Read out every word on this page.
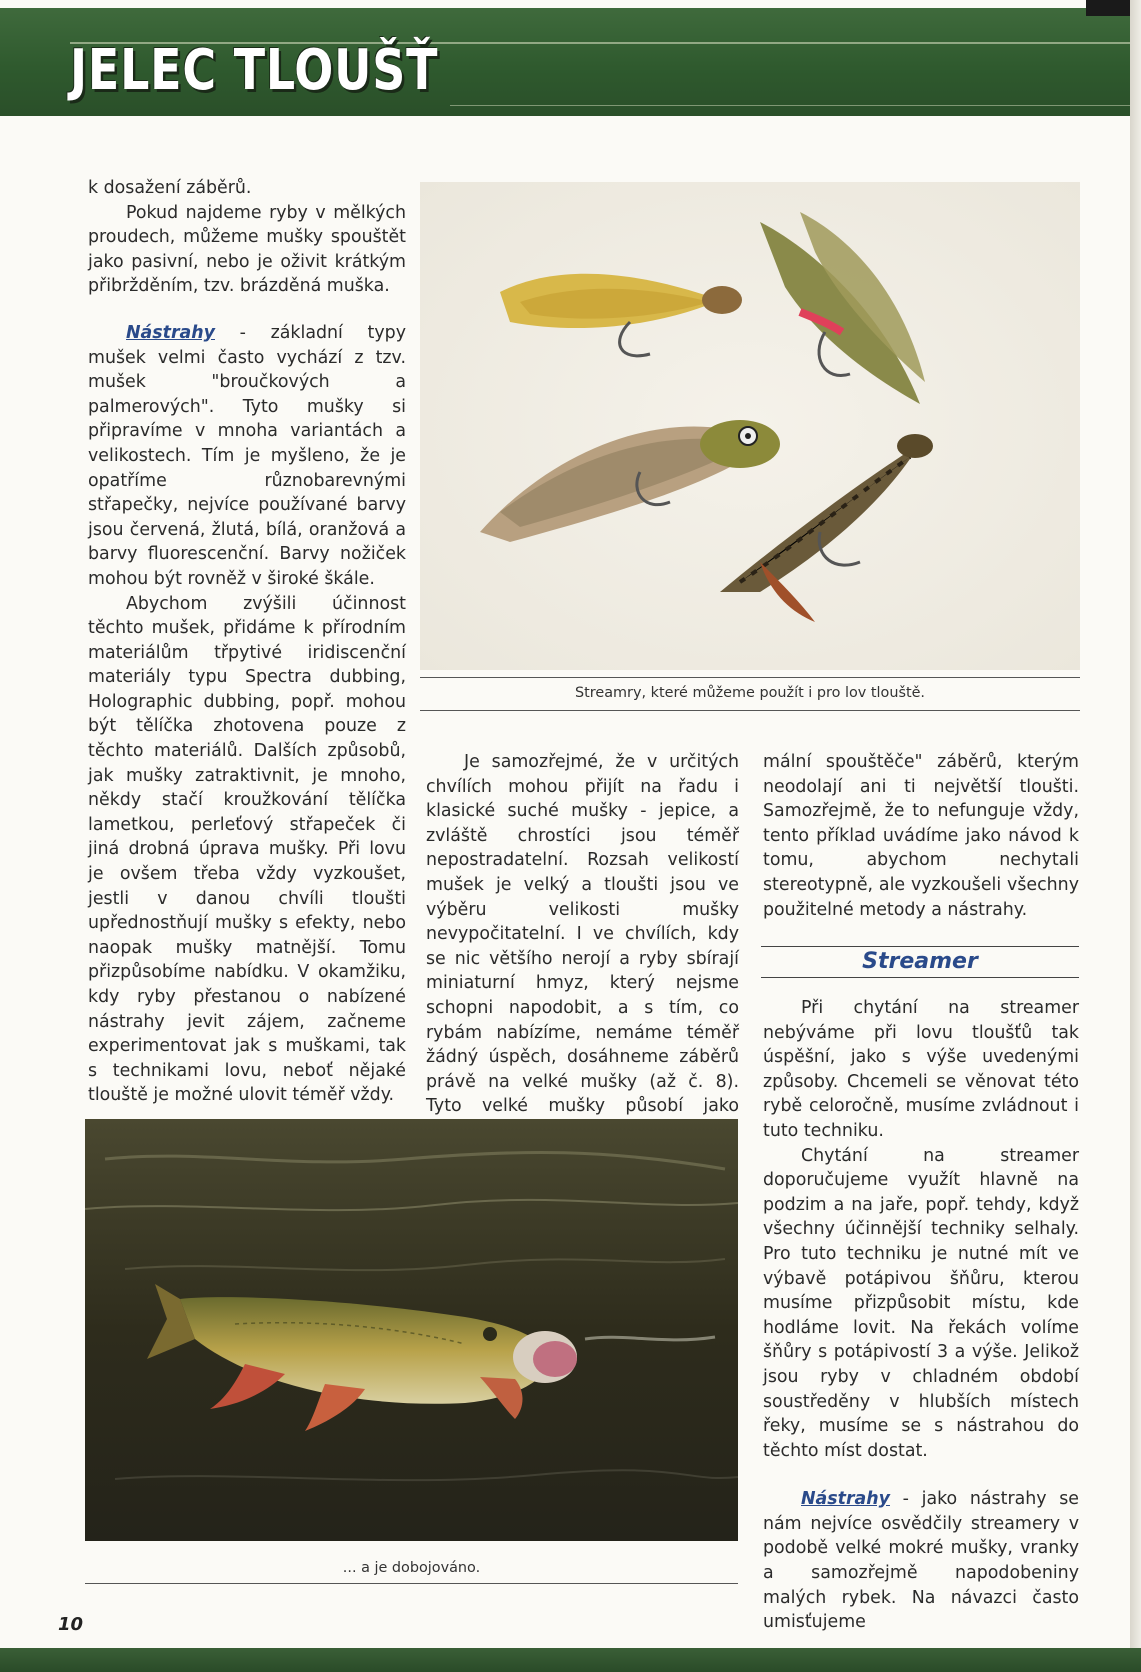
JELEC TLOUŠŤ

k dosažení záběrů.

Pokud najdeme ryby v mělkých proudech, můžeme mušky spouštět jako pasivní, nebo je oživit krátkým přibržděním, tzv. brázděná muška.

Nástrahy - základní typy mušek velmi často vychází z tzv. mušek "broučkových a palmerových". Tyto mušky si připravíme v mnoha variantách a velikostech. Tím je myšleno, že je opatříme různobarevnými střapečky, nejvíce používané barvy jsou červená, žlutá, bílá, oranžová a barvy fluorescenční. Barvy nožiček mohou být rovněž v široké škále.

Abychom zvýšili účinnost těchto mušek, přidáme k přírodním materiálům třpytivé iridiscenční materiály typu Spectra dubbing, Holographic dubbing, popř. mohou být tělíčka zhotovena pouze z těchto materiálů. Dalších způsobů, jak mušky zatraktivnit, je mnoho, někdy stačí kroužkování tělíčka lametkou, perleťový střapeček či jiná drobná úprava mušky. Při lovu je ovšem třeba vždy vyzkoušet, jestli v danou chvíli tloušti upřednostňují mušky s efekty, nebo naopak mušky matnější. Tomu přizpůsobíme nabídku. V okamžiku, kdy ryby přestanou o nabízené nástrahy jevit zájem, začneme experimentovat jak s muškami, tak s technikami lovu, neboť nějaké tlouště je možné ulovit téměř vždy.

Streamry, které můžeme použít i pro lov tlouště.

Je samozřejmé, že v určitých chvílích mohou přijít na řadu i klasické suché mušky - jepice, a zvláště chrostíci jsou téměř nepostradatelní. Rozsah velikostí mušek je velký a tloušti jsou ve výběru velikosti mušky nevypočitatelní. I ve chvílích, kdy se nic většího nerojí a ryby sbírají miniaturní hmyz, který nejsme schopni napodobit, a s tím, co rybám nabízíme, nemáme téměř žádný úspěch, dosáhneme záběrů právě na velké mušky (až č. 8). Tyto velké mušky působí jako

mální spouštěče" záběrů, kterým neodolají ani ti největší tloušti. Samozřejmě, že to nefunguje vždy, tento příklad uvádíme jako návod k tomu, abychom nechytali stereotypně, ale vyzkoušeli všechny použitelné metody a nástrahy.

Streamer

Při chytání na streamer nebýváme při lovu tloušťů tak úspěšní, jako s výše uvedenými způsoby. Chcemeli se věnovat této rybě celoročně, musíme zvládnout i tuto techniku.

Chytání na streamer doporučujeme využít hlavně na podzim a na jaře, popř. tehdy, když všechny účinnější techniky selhaly. Pro tuto techniku je nutné mít ve výbavě potápivou šňůru, kterou musíme přizpůsobit místu, kde hodláme lovit. Na řekách volíme šňůry s potápivostí 3 a výše. Jelikož jsou ryby v chladném období soustředěny v hlubších místech řeky, musíme se s nástrahou do těchto míst dostat.

Nástrahy - jako nástrahy se nám nejvíce osvědčily streamery v podobě velké mokré mušky, vranky a samozřejmě napodobeniny malých rybek. Na návazci často umisťujeme

... a je dobojováno.
10
